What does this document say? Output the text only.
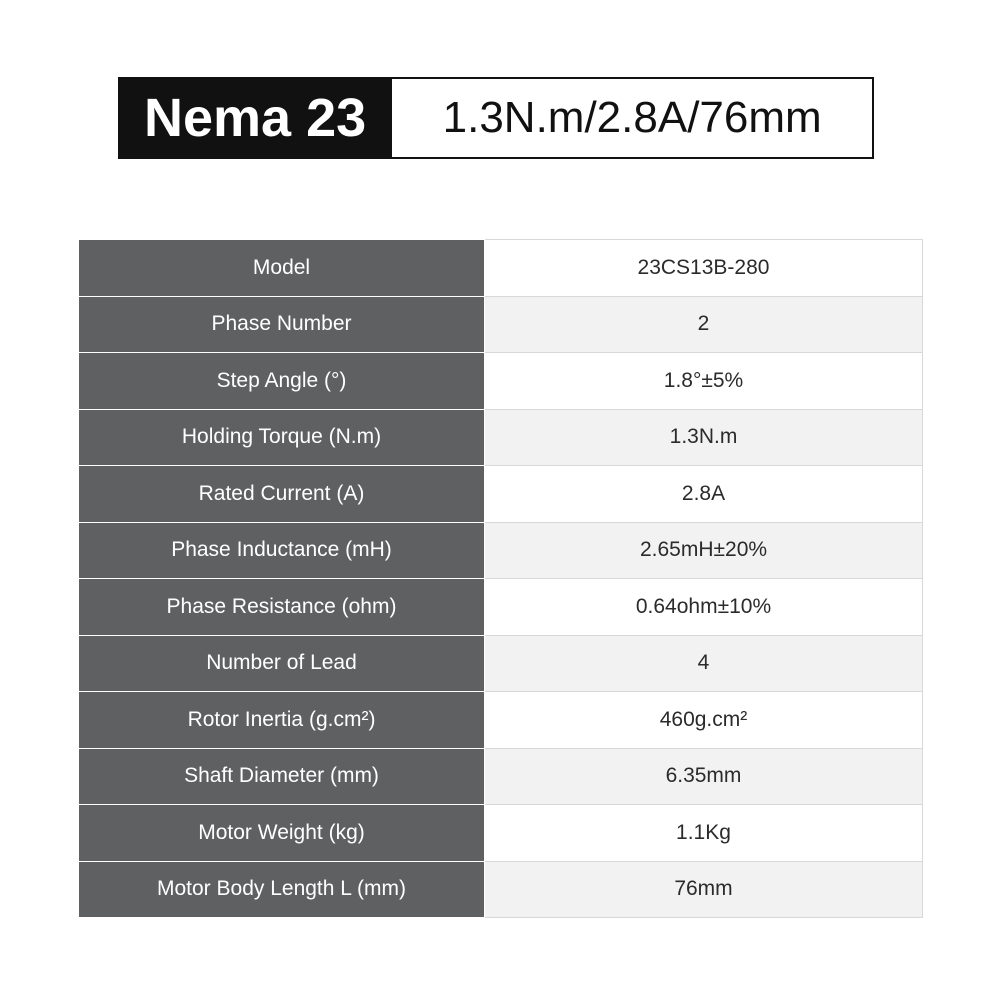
Nema 23 1.3N.m/2.8A/76mm
Model	23CS13B-280
Phase Number	2
Step Angle (°)	1.8°±5%
Holding Torque (N.m)	1.3N.m
Rated Current (A)	2.8A
Phase Inductance (mH)	2.65mH±20%
Phase Resistance (ohm)	0.64ohm±10%
Number of Lead	4
Rotor Inertia (g.cm²)	460g.cm²
Shaft Diameter (mm)	6.35mm
Motor Weight (kg)	1.1Kg
Motor Body Length L (mm)	76mm
